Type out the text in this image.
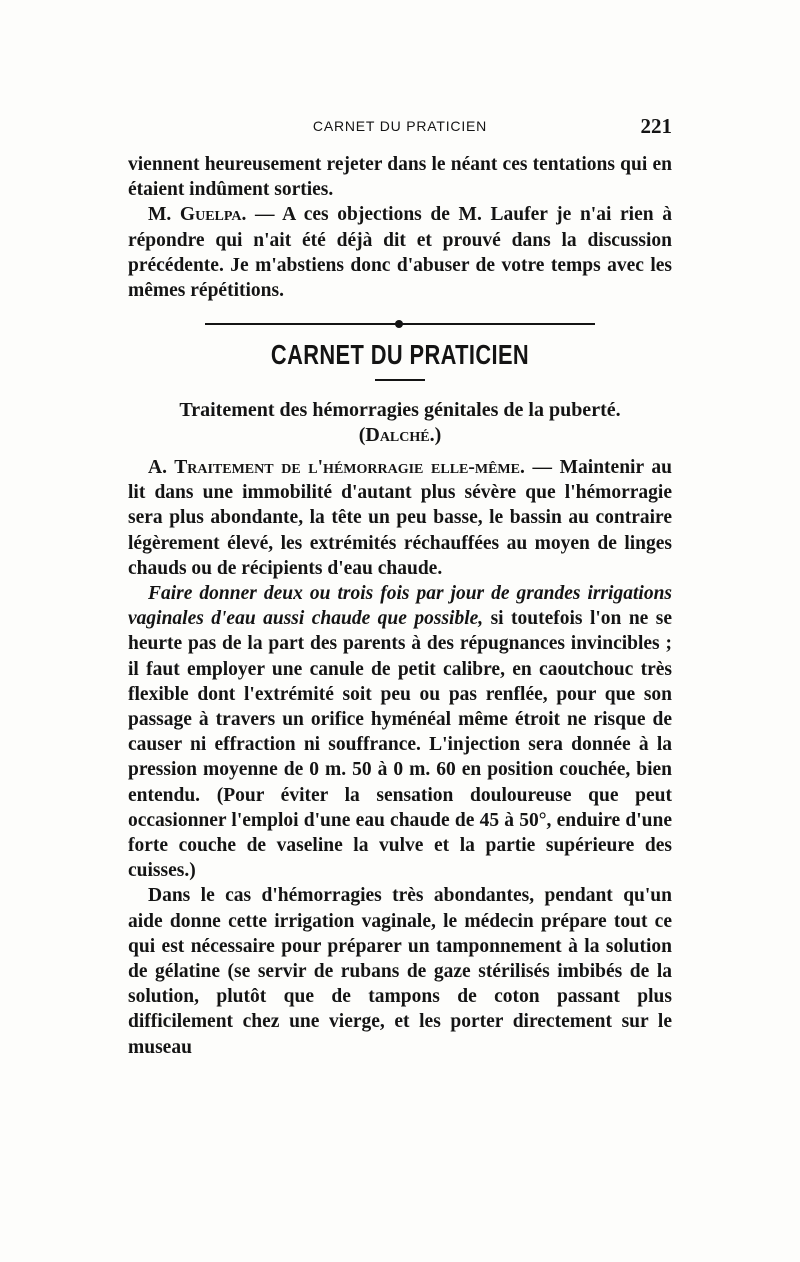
CARNET DU PRATICIEN	221

viennent heureusement rejeter dans le néant ces tentations qui en étaient indûment sorties.

M. Guelpa. — A ces objections de M. Laufer je n'ai rien à répondre qui n'ait été déjà dit et prouvé dans la discussion précédente. Je m'abstiens donc d'abuser de votre temps avec les mêmes répétitions.

CARNET DU PRATICIEN
Traitement des hémorragies génitales de la puberté.
(Dalché.)

A. Traitement de l'hémorragie elle-même. — Maintenir au lit dans une immobilité d'autant plus sévère que l'hémorragie sera plus abondante, la tête un peu basse, le bassin au contraire légèrement élevé, les extrémités réchauffées au moyen de linges chauds ou de récipients d'eau chaude.

Faire donner deux ou trois fois par jour de grandes irrigations vaginales d'eau aussi chaude que possible, si toutefois l'on ne se heurte pas de la part des parents à des répugnances invincibles ; il faut employer une canule de petit calibre, en caoutchouc très flexible dont l'extrémité soit peu ou pas renflée, pour que son passage à travers un orifice hyménéal même étroit ne risque de causer ni effraction ni souffrance. L'injection sera donnée à la pression moyenne de 0 m. 50 à 0 m. 60 en position couchée, bien entendu. (Pour éviter la sensation douloureuse que peut occasionner l'emploi d'une eau chaude de 45 à 50°, enduire d'une forte couche de vaseline la vulve et la partie supérieure des cuisses.)

Dans le cas d'hémorragies très abondantes, pendant qu'un aide donne cette irrigation vaginale, le médecin prépare tout ce qui est nécessaire pour préparer un tamponnement à la solution de gélatine (se servir de rubans de gaze stérilisés imbibés de la solution, plutôt que de tampons de coton passant plus difficilement chez une vierge, et les porter directement sur le museau
